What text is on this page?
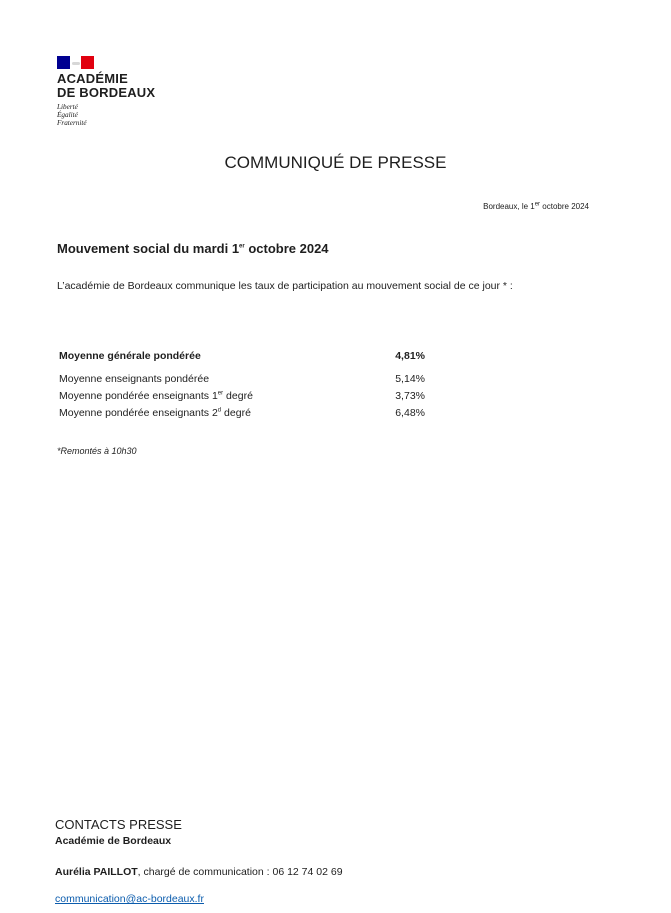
ACADÉMIE
DE BORDEAUX
Liberté
Égalité
Fraternité
COMMUNIQUÉ DE PRESSE
Bordeaux, le 1er octobre 2024
Mouvement social du mardi 1er octobre 2024
L’académie de Bordeaux communique les taux de participation au mouvement social de ce jour * :
Moyenne générale pondérée	4,81%
Moyenne enseignants pondérée	5,14%
Moyenne pondérée enseignants 1er degré	3,73%
Moyenne pondérée enseignants 2$^d$ degré	6,48%
*Remontés à 10h30
CONTACTS PRESSE
Académie de Bordeaux
Aurélia PAILLOT, chargé de communication : 06 12 74 02 69
communication@ac-bordeaux.fr
